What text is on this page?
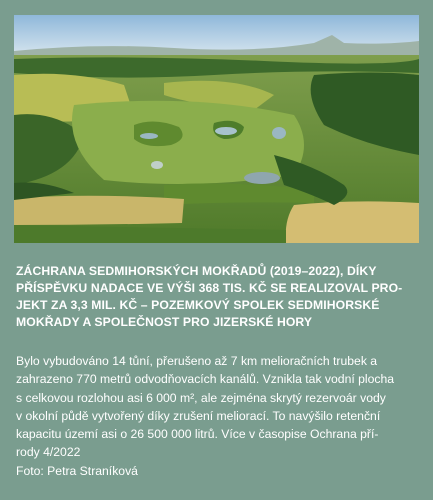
ZÁCHRANA SEDMIHORSKÝCH MOKŘADŮ (2019–2022), DÍKY
PŘÍSPĚVKU NADACE VE VÝŠI 368 TIS. KČ SE REALIZOVAL PRO-
JEKT ZA 3,3 MIL. KČ – POZEMKOVÝ SPOLEK SEDMIHORSKÉ
MOKŘADY A SPOLEČNOST PRO JIZERSKÉ HORY
Bylo vybudováno 14 tůní, přerušeno až 7 km melioračních trubek a
zahrazeno 770 metrů odvodňovacích kanálů. Vznikla tak vodní plocha
s celkovou rozlohou asi 6 000 m², ale zejména skrytý rezervoár vody
v okolní půdě vytvořený díky zrušení meliorací. To navýšilo retenční
kapacitu území asi o 26 500 000 litrů. Více v časopise Ochrana pří-
rody 4/2022
Foto: Petra Straníková
